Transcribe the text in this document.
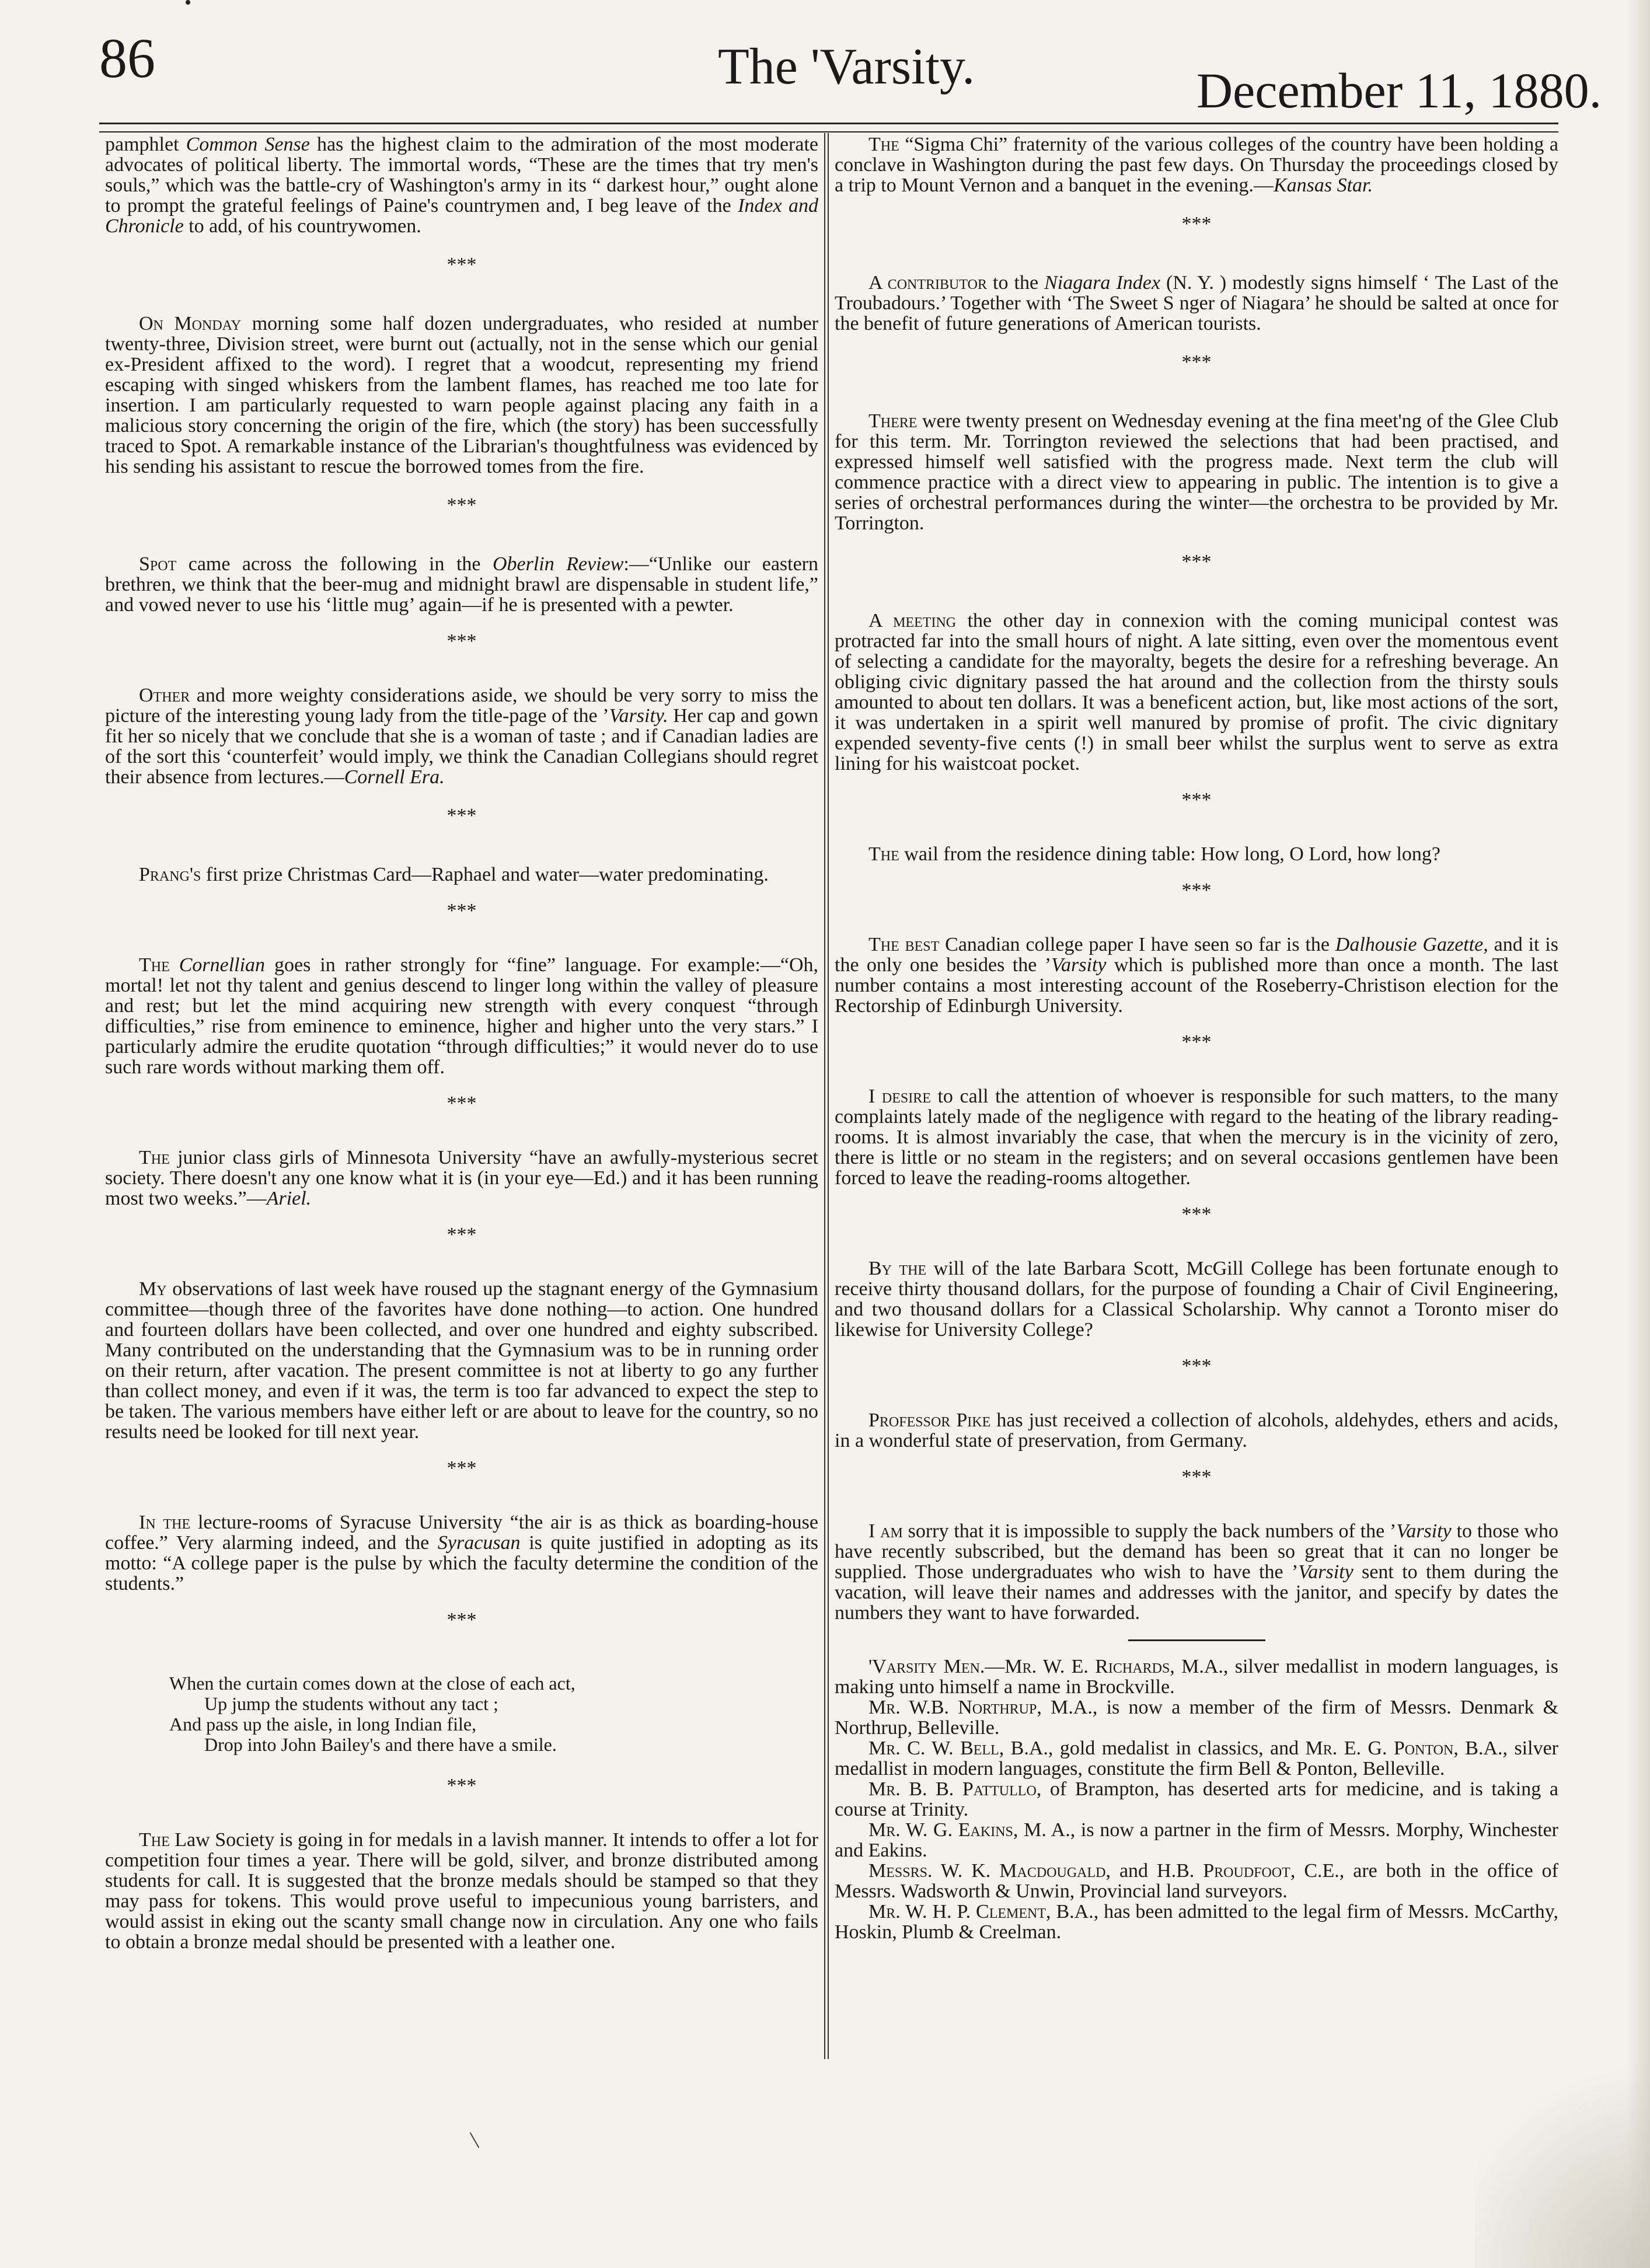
86	The 'Varsity.	December 11, 1880.

pamphlet Common Sense has the highest claim to the admiration of the most moderate advocates of political liberty. The immortal words, “These are the times that try men's souls,” which was the battle-cry of Washington's army in its “ darkest hour,” ought alone to prompt the grateful feelings of Paine's countrymen and, I beg leave of the Index and Chronicle to add, of his countrywomen.

***

On Monday morning some half dozen undergraduates, who resided at number twenty-three, Division street, were burnt out (actually, not in the sense which our genial ex-President affixed to the word). I regret that a woodcut, representing my friend escaping with singed whiskers from the lambent flames, has reached me too late for insertion. I am particularly requested to warn people against placing any faith in a malicious story concerning the origin of the fire, which (the story) has been successfully traced to Spot. A remarkable instance of the Librarian's thoughtfulness was evidenced by his sending his assistant to rescue the borrowed tomes from the fire.

***

Spot came across the following in the Oberlin Review:—“Unlike our eastern brethren, we think that the beer-mug and midnight brawl are dispensable in student life,” and vowed never to use his ‘little mug’ again—if he is presented with a pewter.

***

Other and more weighty considerations aside, we should be very sorry to miss the picture of the interesting young lady from the title-page of the ’Varsity. Her cap and gown fit her so nicely that we conclude that she is a woman of taste ; and if Canadian ladies are of the sort this ‘counterfeit’ would imply, we think the Canadian Collegians should regret their absence from lectures.—Cornell Era.

***

Prang's first prize Christmas Card—Raphael and water—water predominating.

***

The Cornellian goes in rather strongly for “fine” language. For example:—“Oh, mortal! let not thy talent and genius descend to linger long within the valley of pleasure and rest; but let the mind acquiring new strength with every conquest “through difficulties,” rise from eminence to eminence, higher and higher unto the very stars.” I particularly admire the erudite quotation “through difficulties;” it would never do to use such rare words without marking them off.

***

The junior class girls of Minnesota University “have an awfully-mysterious secret society. There doesn't any one know what it is (in your eye—Ed.) and it has been running most two weeks.”—Ariel.

***

My observations of last week have roused up the stagnant energy of the Gymnasium committee—though three of the favorites have done nothing—to action. One hundred and fourteen dollars have been collected, and over one hundred and eighty subscribed. Many contributed on the understanding that the Gymnasium was to be in running order on their return, after vacation. The present committee is not at liberty to go any further than collect money, and even if it was, the term is too far advanced to expect the step to be taken. The various members have either left or are about to leave for the country, so no results need be looked for till next year.

***

In the lecture-rooms of Syracuse University “the air is as thick as boarding-house coffee.” Very alarming indeed, and the Syracusan is quite justified in adopting as its motto: “A college paper is the pulse by which the faculty determine the condition of the students.”

***

When the curtain comes down at the close of each act,
Up jump the students without any tact ;
And pass up the aisle, in long Indian file,
Drop into John Bailey's and there have a smile.

***

The Law Society is going in for medals in a lavish manner. It intends to offer a lot for competition four times a year. There will be gold, silver, and bronze distributed among students for call. It is suggested that the bronze medals should be stamped so that they may pass for tokens. This would prove useful to impecunious young barristers, and would assist in eking out the scanty small change now in circulation. Any one who fails to obtain a bronze medal should be presented with a leather one.

The “Sigma Chi” fraternity of the various colleges of the country have been holding a conclave in Washington during the past few days. On Thursday the proceedings closed by a trip to Mount Vernon and a banquet in the evening.—Kansas Star.

***

A contributor to the Niagara Index (N. Y. ) modestly signs himself ‘ The Last of the Troubadours.’ Together with ‘The Sweet S nger of Niagara’ he should be salted at once for the benefit of future generations of American tourists.

***

There were twenty present on Wednesday evening at the fina meet'ng of the Glee Club for this term. Mr. Torrington reviewed the selections that had been practised, and expressed himself well satisfied with the progress made. Next term the club will commence practice with a direct view to appearing in public. The intention is to give a series of orchestral performances during the winter—the orchestra to be provided by Mr. Torrington.

***

A meeting the other day in connexion with the coming municipal contest was protracted far into the small hours of night. A late sitting, even over the momentous event of selecting a candidate for the mayoralty, begets the desire for a refreshing beverage. An obliging civic dignitary passed the hat around and the collection from the thirsty souls amounted to about ten dollars. It was a beneficent action, but, like most actions of the sort, it was undertaken in a spirit well manured by promise of profit. The civic dignitary expended seventy-five cents (!) in small beer whilst the surplus went to serve as extra lining for his waistcoat pocket.

***

The wail from the residence dining table: How long, O Lord, how long?

***

The best Canadian college paper I have seen so far is the Dalhousie Gazette, and it is the only one besides the ’Varsity which is published more than once a month. The last number contains a most interesting account of the Roseberry-Christison election for the Rectorship of Edinburgh University.

***

I desire to call the attention of whoever is responsible for such matters, to the many complaints lately made of the negligence with regard to the heating of the library reading-rooms. It is almost invariably the case, that when the mercury is in the vicinity of zero, there is little or no steam in the registers; and on several occasions gentlemen have been forced to leave the reading-rooms altogether.

***

By the will of the late Barbara Scott, McGill College has been fortunate enough to receive thirty thousand dollars, for the purpose of founding a Chair of Civil Engineering, and two thousand dollars for a Classical Scholarship. Why cannot a Toronto miser do likewise for University College?

***

Professor Pike has just received a collection of alcohols, aldehydes, ethers and acids, in a wonderful state of preservation, from Germany.

***

I am sorry that it is impossible to supply the back numbers of the ’Varsity to those who have recently subscribed, but the demand has been so great that it can no longer be supplied. Those undergraduates who wish to have the ’Varsity sent to them during the vacation, will leave their names and addresses with the janitor, and specify by dates the numbers they want to have forwarded.

'Varsity Men.—Mr. W. E. Richards, M.A., silver medallist in modern languages, is making unto himself a name in Brockville.

Mr. W.B. Northrup, M.A., is now a member of the firm of Messrs. Denmark & Northrup, Belleville.

Mr. C. W. Bell, B.A., gold medalist in classics, and Mr. E. G. Ponton, B.A., silver medallist in modern languages, constitute the firm Bell & Ponton, Belleville.

Mr. B. B. Pattullo, of Brampton, has deserted arts for medicine, and is taking a course at Trinity.

Mr. W. G. Eakins, M. A., is now a partner in the firm of Messrs. Morphy, Winchester and Eakins.

Messrs. W. K. Macdougald, and H.B. Proudfoot, C.E., are both in the office of Messrs. Wadsworth & Unwin, Provincial land surveyors.

Mr. W. H. P. Clement, B.A., has been admitted to the legal firm of Messrs. McCarthy, Hoskin, Plumb & Creelman.
